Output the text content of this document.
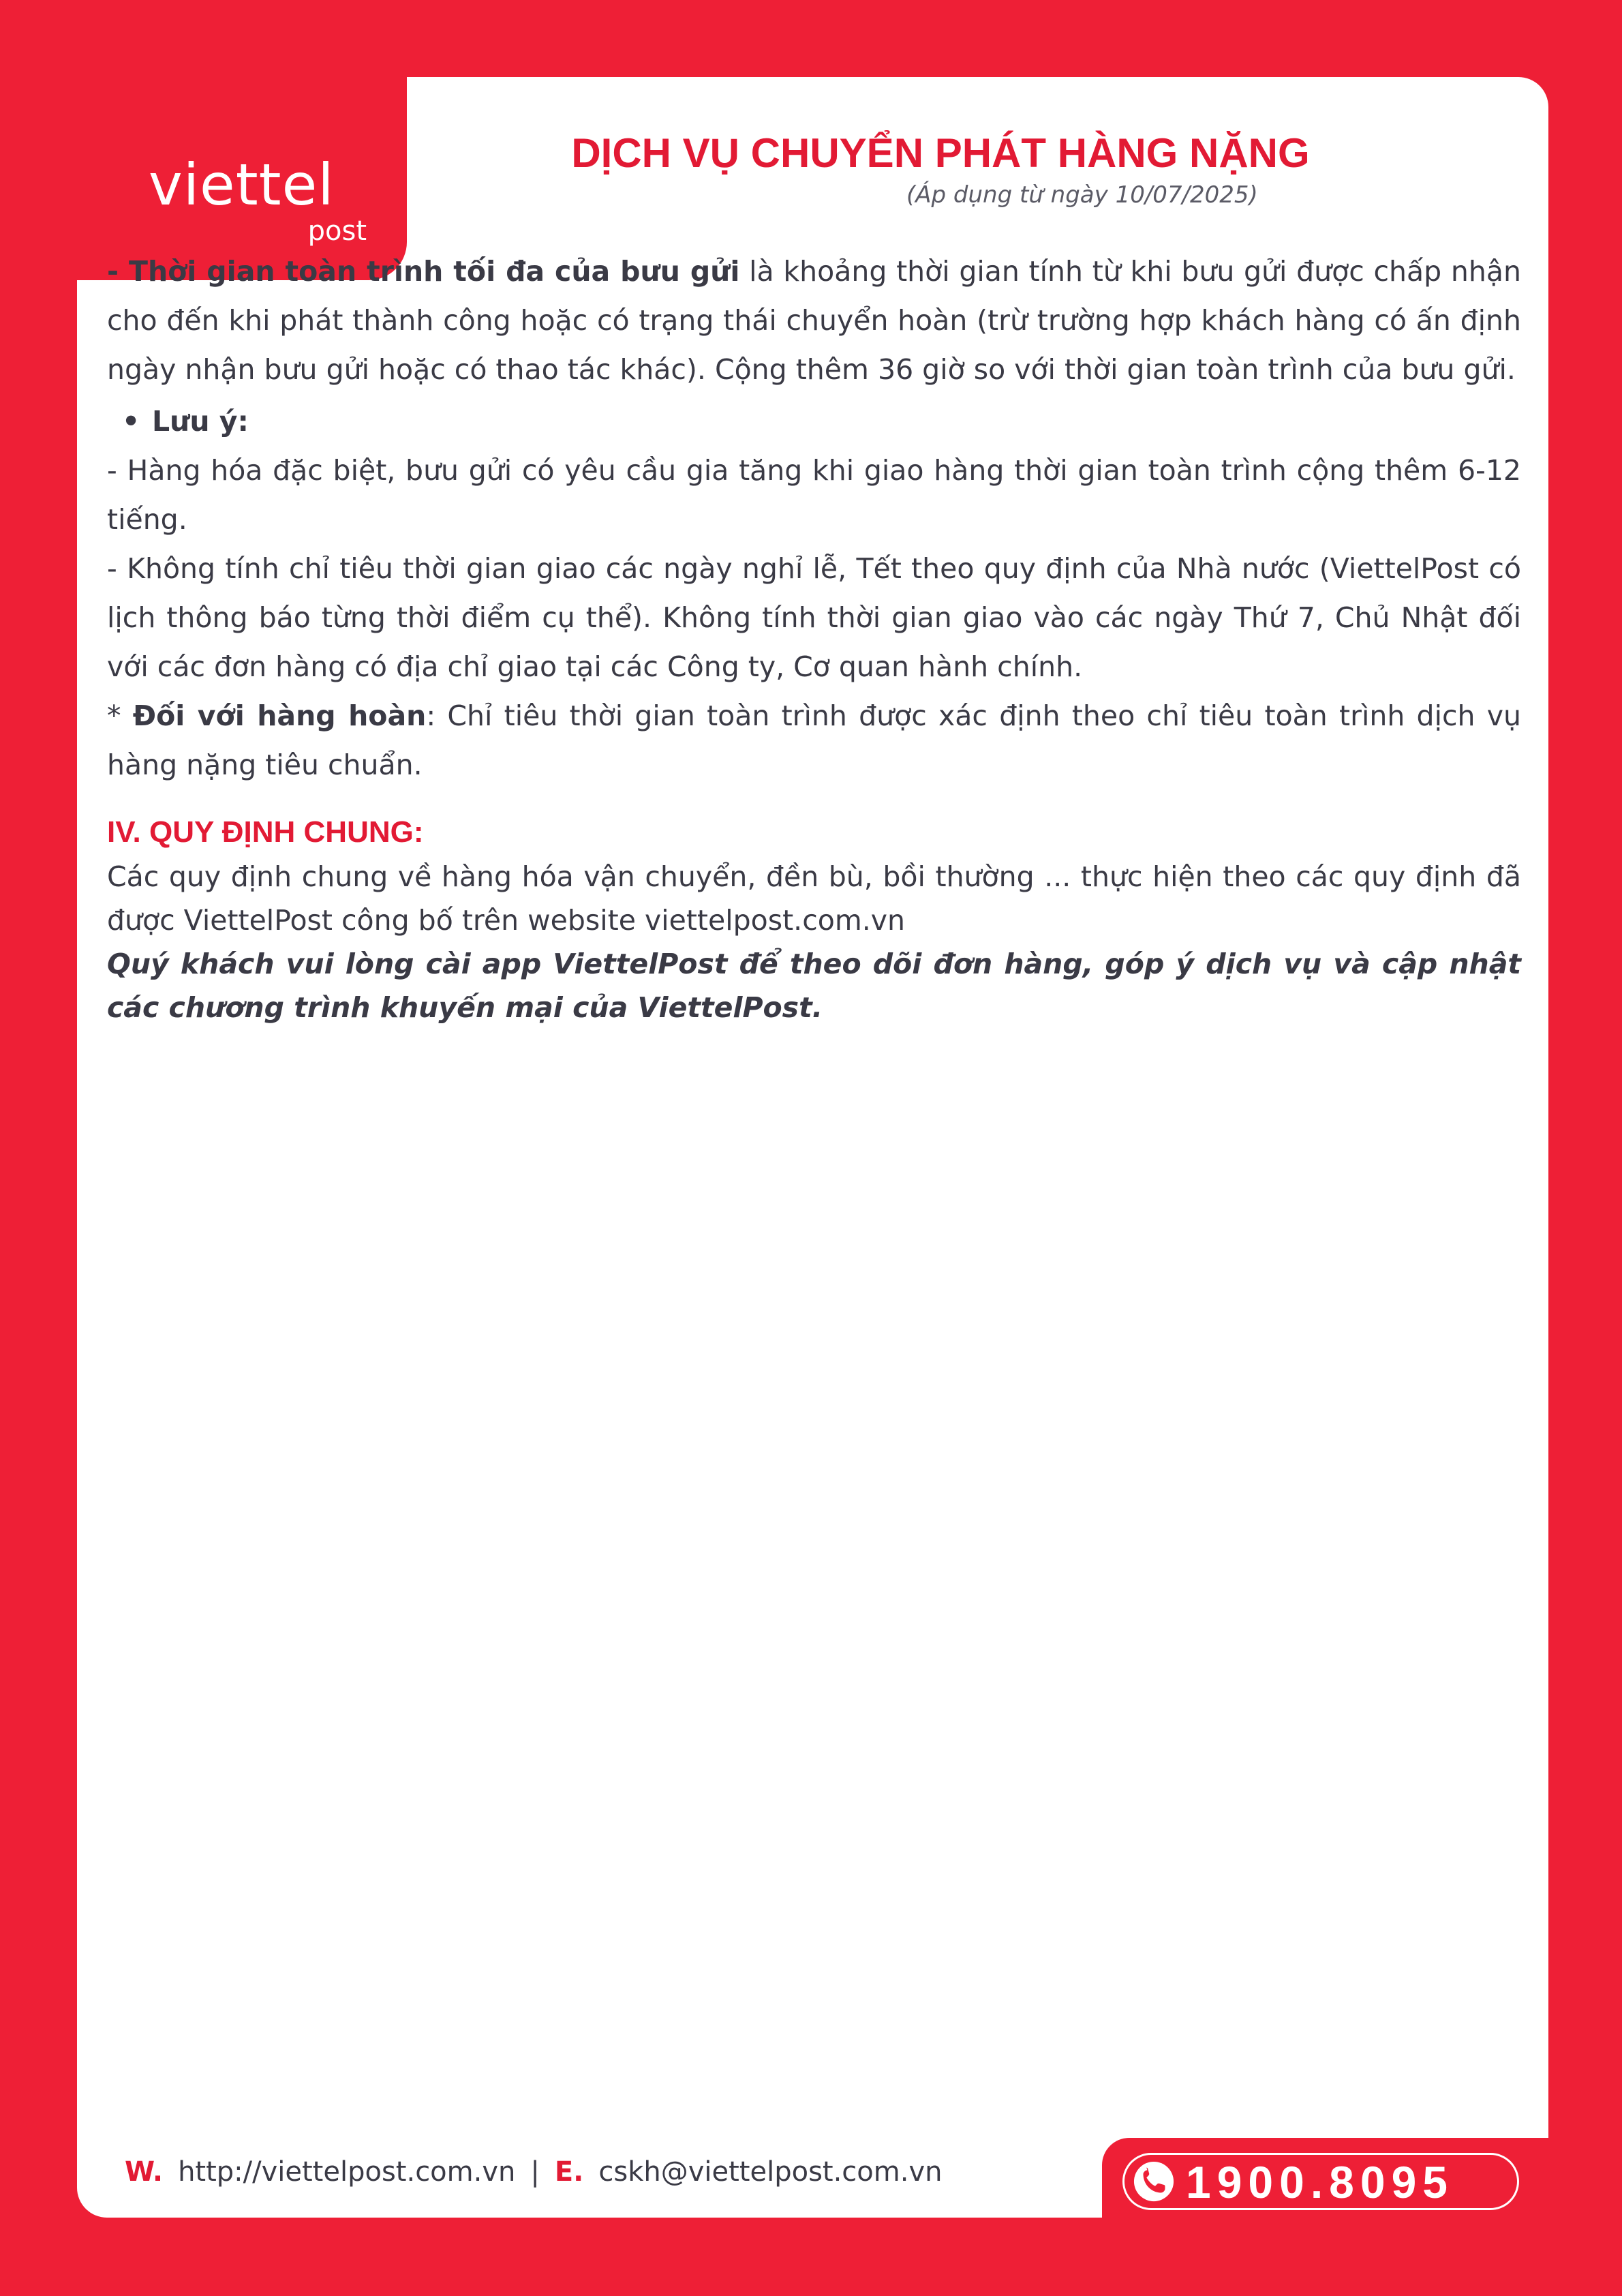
viettel
post
DỊCH VỤ CHUYỂN PHÁT HÀNG NẶNG
(Áp dụng từ ngày 10/07/2025)

- Thời gian toàn trình tối đa của bưu gửi là khoảng thời gian tính từ khi bưu gửi được chấp nhận cho đến khi phát thành công hoặc có trạng thái chuyển hoàn (trừ trường hợp khách hàng có ấn định ngày nhận bưu gửi hoặc có thao tác khác). Cộng thêm 36 giờ so với thời gian toàn trình của bưu gửi.

• Lưu ý:

- Hàng hóa đặc biệt, bưu gửi có yêu cầu gia tăng khi giao hàng thời gian toàn trình cộng thêm 6-12 tiếng.

- Không tính chỉ tiêu thời gian giao các ngày nghỉ lễ, Tết theo quy định của Nhà nước (ViettelPost có lịch thông báo từng thời điểm cụ thể). Không tính thời gian giao vào các ngày Thứ 7, Chủ Nhật đối với các đơn hàng có địa chỉ giao tại các Công ty, Cơ quan hành chính.

* Đối với hàng hoàn: Chỉ tiêu thời gian toàn trình được xác định theo chỉ tiêu toàn trình dịch vụ hàng nặng tiêu chuẩn.

IV. QUY ĐỊNH CHUNG:

Các quy định chung về hàng hóa vận chuyển, đền bù, bồi thường ... thực hiện theo các quy định đã được ViettelPost công bố trên website viettelpost.com.vn

Quý khách vui lòng cài app ViettelPost để theo dõi đơn hàng, góp ý dịch vụ và cập nhật các chương trình khuyến mại của ViettelPost.

W. http://viettelpost.com.vn | E. cskh@viettelpost.com.vn	1900.8095
